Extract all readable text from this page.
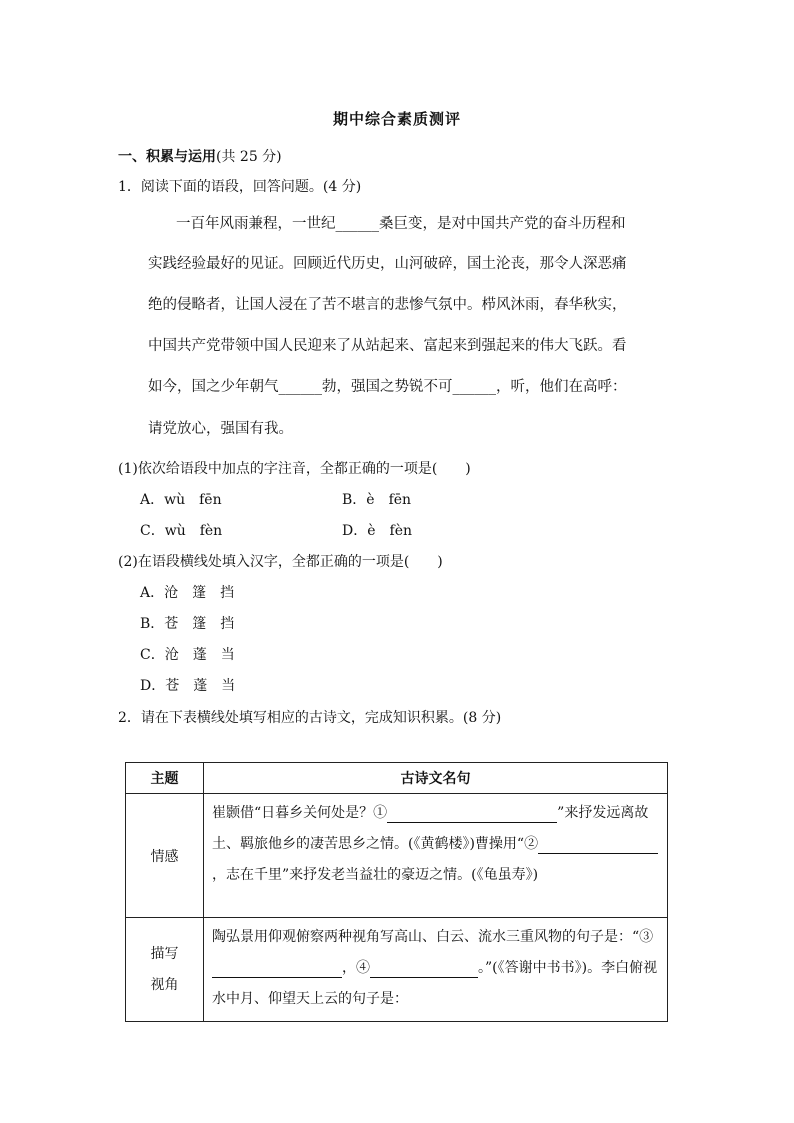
期中综合素质测评
一、积累与运用(共 25 分)
1．阅读下面的语段，回答问题。(4 分)
一百年风雨兼程，一世纪______桑巨变，是对中国共产党的奋斗历程和
实践经验最好的见证。回顾近代历史，山河破碎，国土沦丧，那令人深恶痛
绝的侵略者，让国人浸在了苦不堪言的悲惨气氛中。栉风沐雨，春华秋实，
中国共产党带领中国人民迎来了从站起来、富起来到强起来的伟大飞跃。看
如今，国之少年朝气______勃，强国之势锐不可______，听，他们在高呼：
请党放心，强国有我。
(1)依次给语段中加点的字注音，全都正确的一项是(　　)
A．wù　fēn	B．è　fēn
C．wù　fèn	D．è　fèn
(2)在语段横线处填入汉字，全都正确的一项是(　　)
A．沧　篷　挡
B．苍　篷　挡
C．沧　蓬　当
D．苍　蓬　当
2．请在下表横线处填写相应的古诗文，完成知识积累。(8 分)
主题	古诗文名句
情感	崔颢借“日暮乡关何处是？① ”来抒发远离故土、羁旅他乡的凄苦思乡之情。(《黄鹤楼》)曹操用“② ，志在千里”来抒发老当益壮的豪迈之情。(《龟虽寿》)

描写
视角	陶弘景用仰观俯察两种视角写高山、白云、流水三重风物的句子是：“③ ，④ 。”(《答谢中书书》)。李白俯视水中月、仰望天上云的句子是：
